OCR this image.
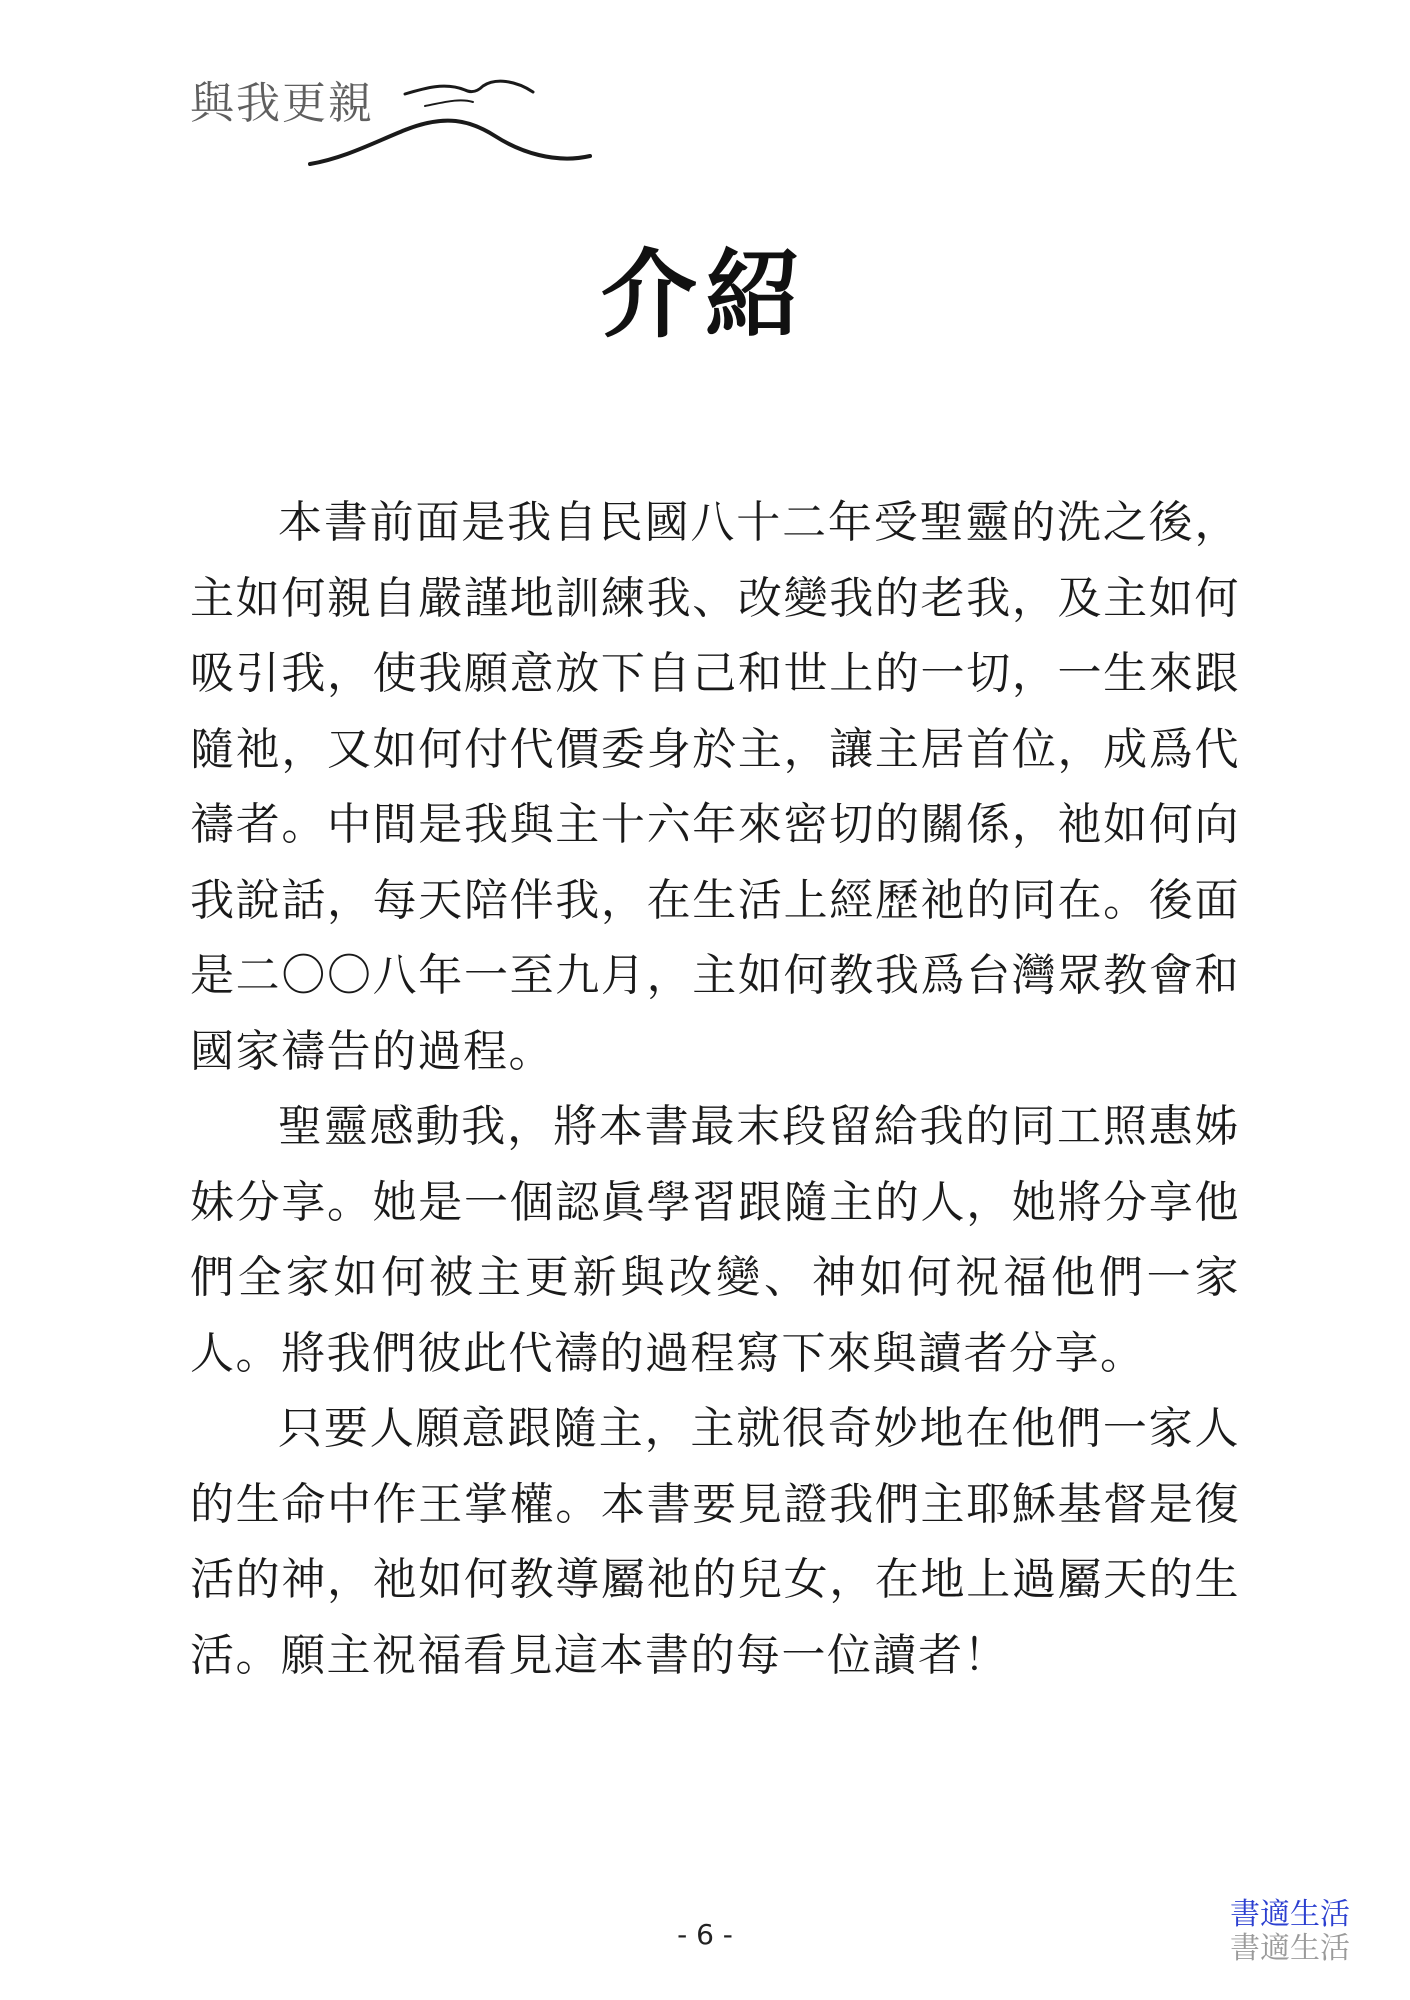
與我更親
介紹

本書前面是我自民國八十二年受聖靈的洗之後，主如何親自嚴謹地訓練我、改變我的老我，及主如何吸引我，使我願意放下自己和世上的一切，一生來跟隨祂，又如何付代價委身於主，讓主居首位，成爲代禱者。中間是我與主十六年來密切的關係，祂如何向我說話，每天陪伴我，在生活上經歷祂的同在。後面是二〇〇八年一至九月，主如何教我爲台灣眾教會和國家禱告的過程。

聖靈感動我，將本書最末段留給我的同工照惠姊妹分享。她是一個認眞學習跟隨主的人，她將分享他們全家如何被主更新與改變、神如何祝福他們一家人。將我們彼此代禱的過程寫下來與讀者分享。

只要人願意跟隨主，主就很奇妙地在他們一家人的生命中作王掌權。本書要見證我們主耶穌基督是復活的神，祂如何教導屬祂的兒女，在地上過屬天的生活。願主祝福看見這本書的每一位讀者！

- 6 -
書適生活
書適生活
